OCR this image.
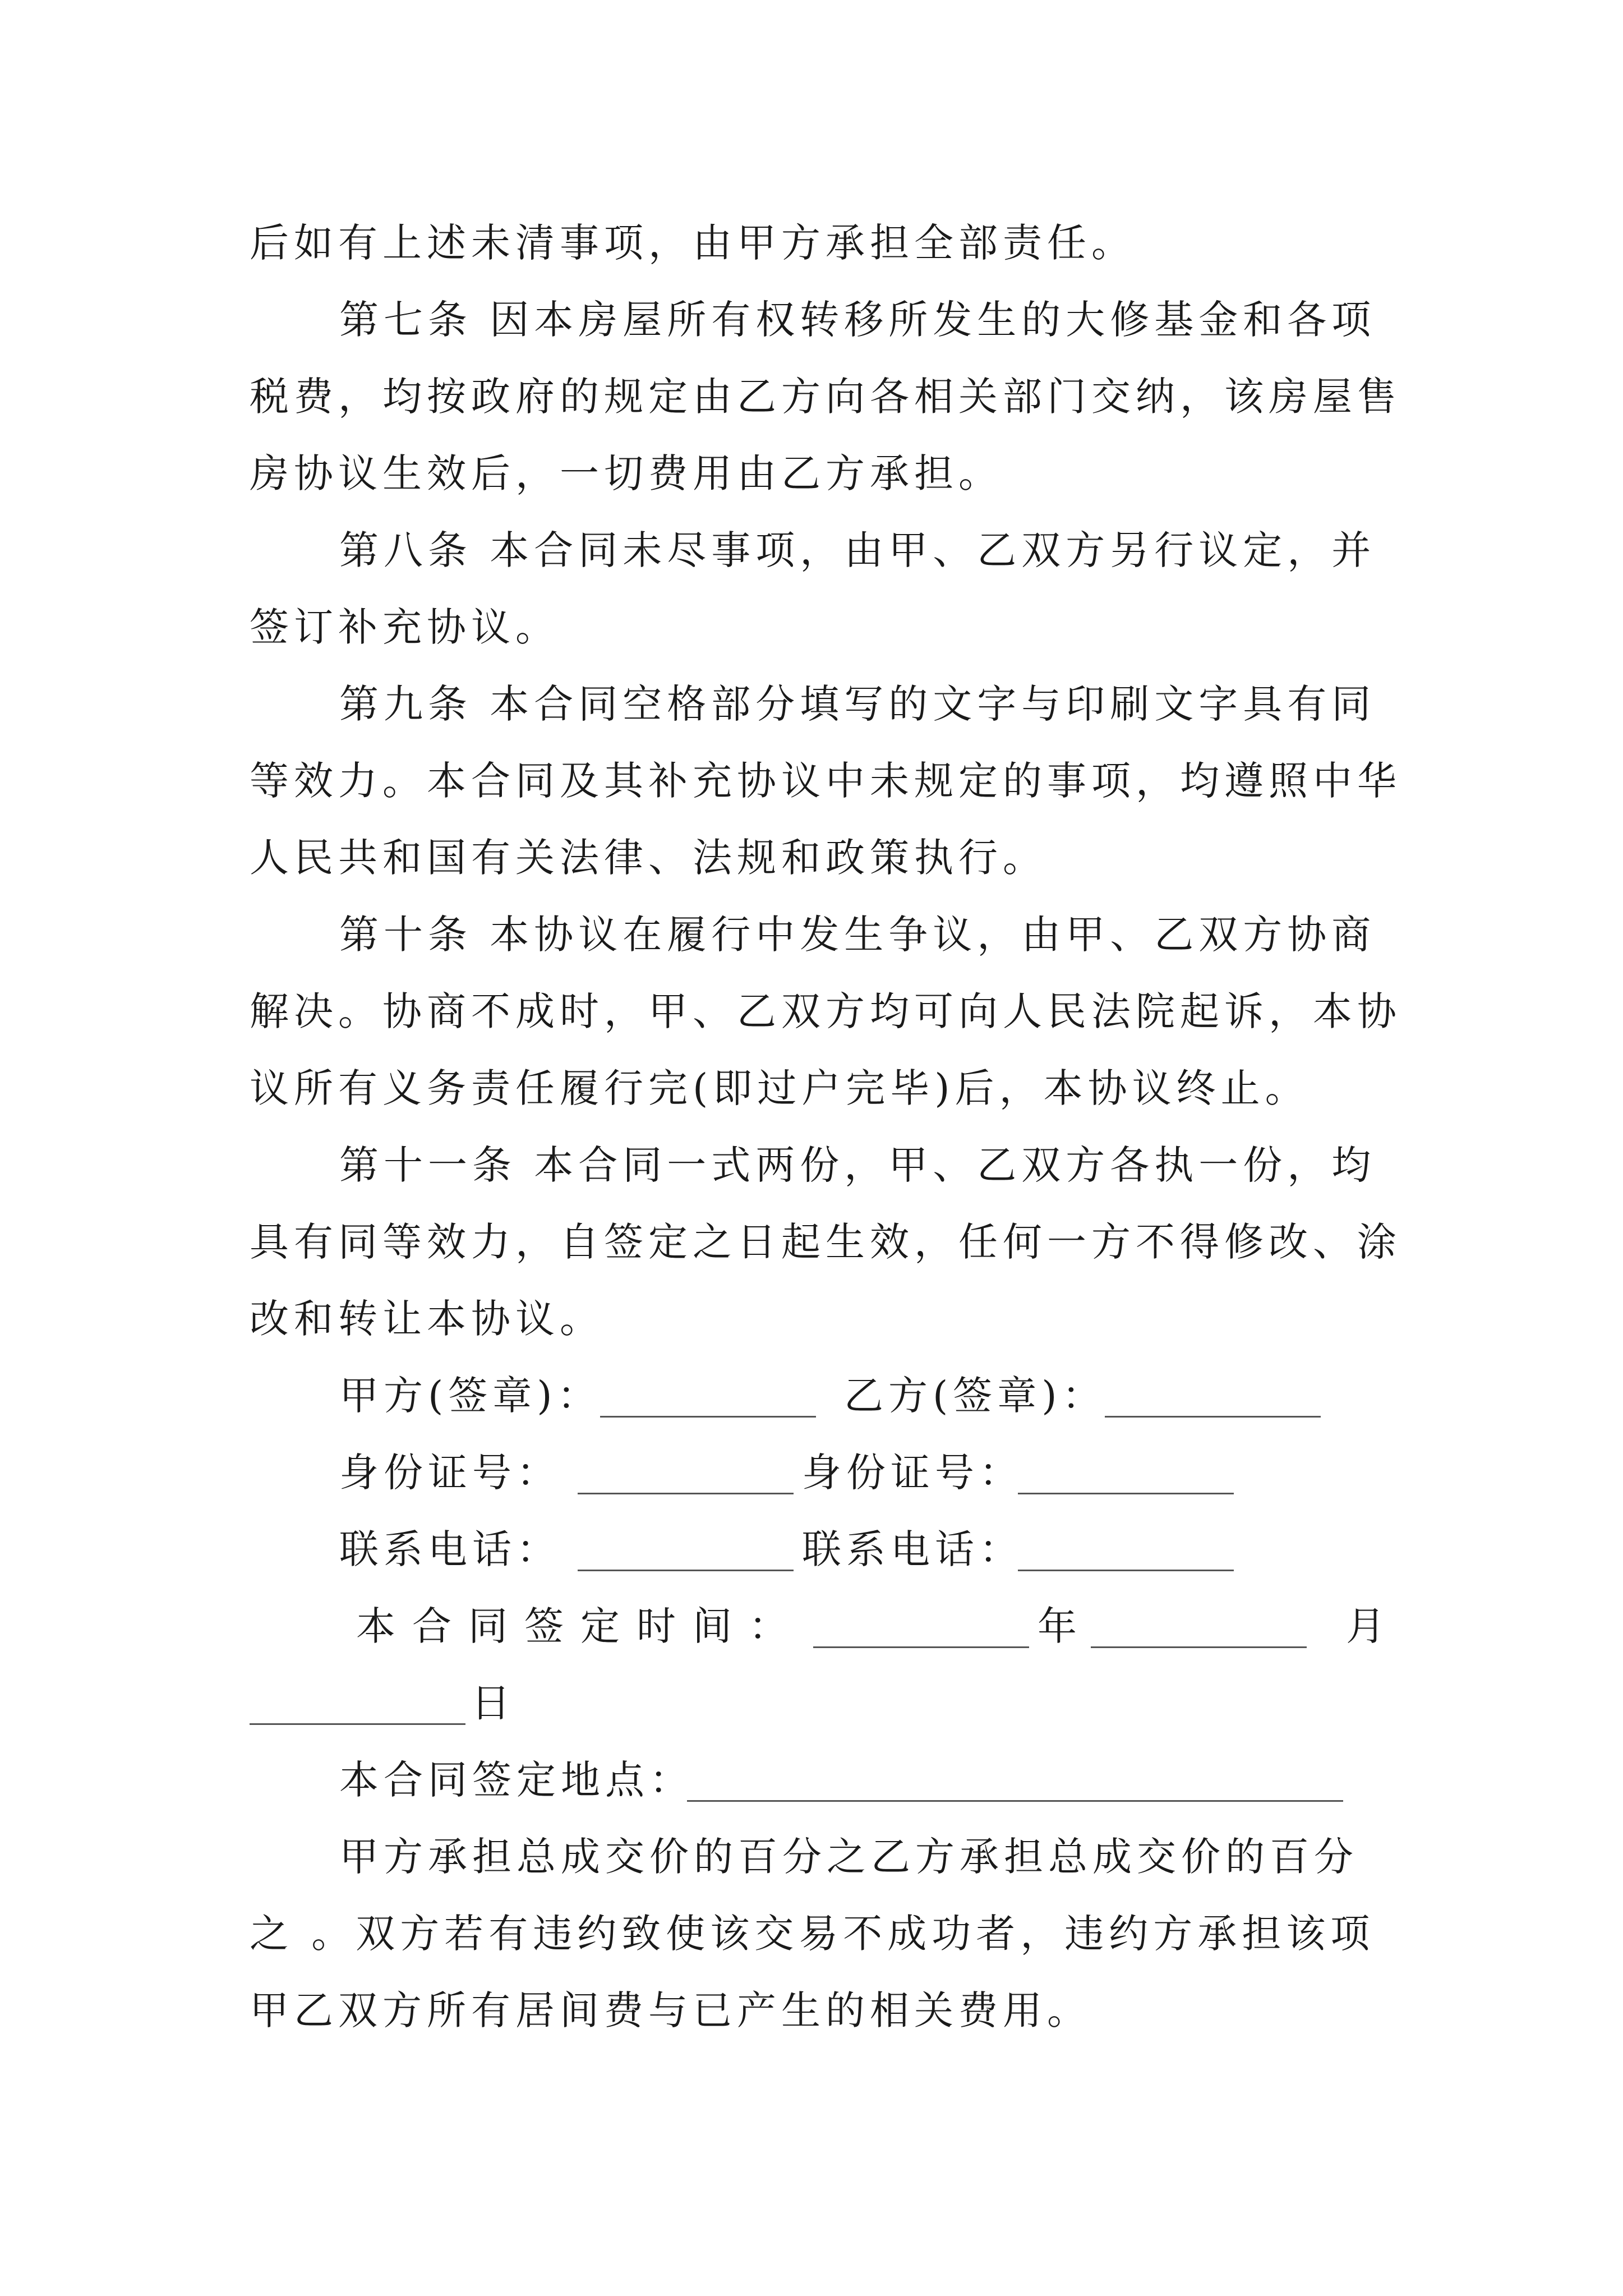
后如有上述未清事项，由甲方承担全部责任。
第七条 因本房屋所有权转移所发生的大修基金和各项
税费，均按政府的规定由乙方向各相关部门交纳，该房屋售
房协议生效后，一切费用由乙方承担。
第八条 本合同未尽事项，由甲、乙双方另行议定，并
签订补充协议。
第九条 本合同空格部分填写的文字与印刷文字具有同
等效力。本合同及其补充协议中未规定的事项，均遵照中华
人民共和国有关法律、法规和政策执行。
第十条 本协议在履行中发生争议，由甲、乙双方协商
解决。协商不成时，甲、乙双方均可向人民法院起诉，本协
议所有义务责任履行完(即过户完毕)后，本协议终止。
第十一条 本合同一式两份，甲、乙双方各执一份，均
具有同等效力，自签定之日起生效，任何一方不得修改、涂
改和转让本协议。
甲方(签章)：	乙方(签章)：
身份证号：	身份证号：
联系电话：	联系电话：
本合同签定时间：	年	月
日
本合同签定地点：
甲方承担总成交价的百分之乙方承担总成交价的百分
之 。双方若有违约致使该交易不成功者，违约方承担该项
甲乙双方所有居间费与已产生的相关费用。
